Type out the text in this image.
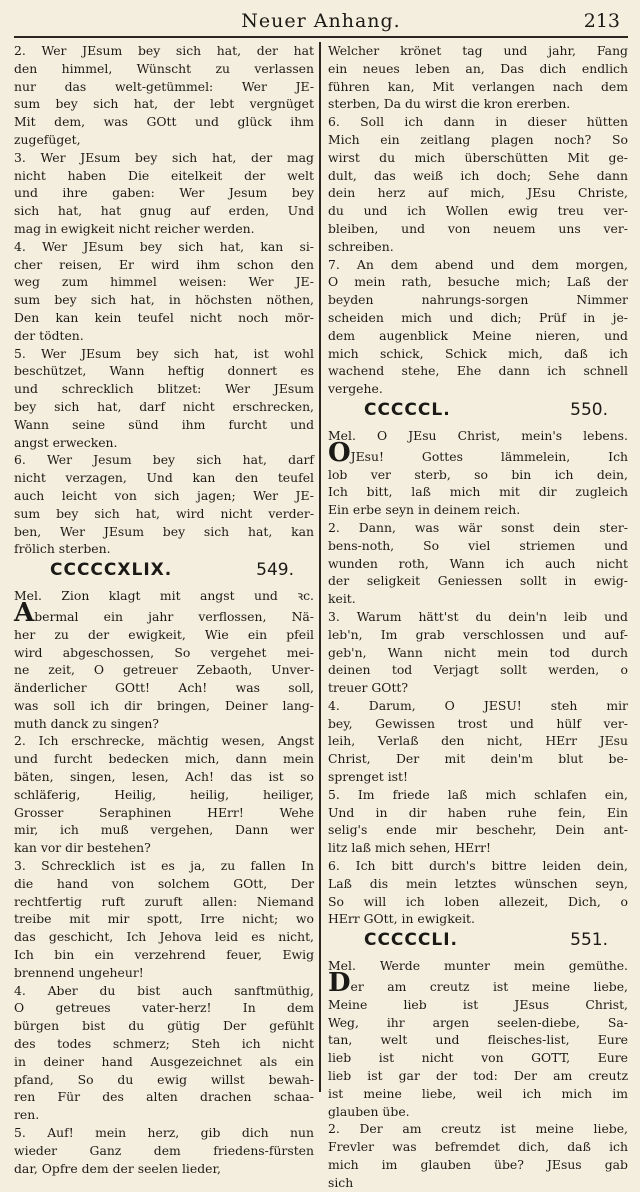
Neuer Anhang.	213
2. Wer JEsum bey sich hat, der hat
den himmel, Wünscht zu verlassen
nur das welt-getümmel: Wer JE-
sum bey sich hat, der lebt vergnüget
Mit dem, was GOtt und glück ihm
zugefüget,
3. Wer JEsum bey sich hat, der mag
nicht haben Die eitelkeit der welt
und ihre gaben: Wer Jesum bey
sich hat, hat gnug auf erden, Und
mag in ewigkeit nicht reicher werden.
4. Wer JEsum bey sich hat, kan si-
cher reisen, Er wird ihm schon den
weg zum himmel weisen: Wer JE-
sum bey sich hat, in höchsten nöthen,
Den kan kein teufel nicht noch mör-
der tödten.
5. Wer JEsum bey sich hat, ist wohl
beschützet, Wann heftig donnert es
und schrecklich blitzet: Wer JEsum
bey sich hat, darf nicht erschrecken,
Wann seine sünd ihm furcht und
angst erwecken.
6. Wer Jesum bey sich hat, darf
nicht verzagen, Und kan den teufel
auch leicht von sich jagen; Wer JE-
sum bey sich hat, wird nicht verder-
ben, Wer JEsum bey sich hat, kan
frölich sterben.
CCCCCXLIX.	549.
Mel. Zion klagt mit angst und ꝛc.
Abermal ein jahr verflossen, Nä-
her zu der ewigkeit, Wie ein pfeil
wird abgeschossen, So vergehet mei-
ne zeit, O getreuer Zebaoth, Unver-
änderlicher GOtt! Ach! was soll,
was soll ich dir bringen, Deiner lang-
muth danck zu singen?
2. Ich erschrecke, mächtig wesen, Angst
und furcht bedecken mich, dann mein
bäten, singen, lesen, Ach! das ist so
schläferig, Heilig, heilig, heiliger,
Grosser Seraphinen HErr! Wehe
mir, ich muß vergehen, Dann wer
kan vor dir bestehen?
3. Schrecklich ist es ja, zu fallen In
die hand von solchem GOtt, Der
rechtfertig ruft zuruft allen: Niemand
treibe mit mir spott, Irre nicht; wo
das geschicht, Ich Jehova leid es nicht,
Ich bin ein verzehrend feuer, Ewig
brennend ungeheur!
4. Aber du bist auch sanftmüthig,
O getreues vater-herz! In dem
bürgen bist du gütig Der gefühlt
des todes schmerz; Steh ich nicht
in deiner hand Ausgezeichnet als ein
pfand, So du ewig willst bewah-
ren Für des alten drachen schaa-
ren.
5. Auf! mein herz, gib dich nun
wieder Ganz dem friedens-fürsten
dar, Opfre dem der seelen lieder,
Welcher krönet tag und jahr, Fang
ein neues leben an, Das dich endlich
führen kan, Mit verlangen nach dem
sterben, Da du wirst die kron ererben.
6. Soll ich dann in dieser hütten
Mich ein zeitlang plagen noch? So
wirst du mich überschütten Mit ge-
dult, das weiß ich doch; Sehe dann
dein herz auf mich, JEsu Christe,
du und ich Wollen ewig treu ver-
bleiben, und von neuem uns ver-
schreiben.
7. An dem abend und dem morgen,
O mein rath, besuche mich; Laß der
beyden nahrungs-sorgen Nimmer
scheiden mich und dich; Prüf in je-
dem augenblick Meine nieren, und
mich schick, Schick mich, daß ich
wachend stehe, Ehe dann ich schnell
vergehe.
CCCCCL.	550.
Mel. O JEsu Christ, mein's lebens.
OJEsu! Gottes lämmelein, Ich
lob ver sterb, so bin ich dein,
Ich bitt, laß mich mit dir zugleich
Ein erbe seyn in deinem reich.
2. Dann, was wär sonst dein ster-
bens-noth, So viel striemen und
wunden roth, Wann ich auch nicht
der seligkeit Geniessen sollt in ewig-
keit.
3. Warum hätt'st du dein'n leib und
leb'n, Im grab verschlossen und auf-
geb'n, Wann nicht mein tod durch
deinen tod Verjagt sollt werden, o
treuer GOtt?
4. Darum, O JESU! steh mir
bey, Gewissen trost und hülf ver-
leih, Verlaß den nicht, HErr JEsu
Christ, Der mit dein'm blut be-
sprenget ist!
5. Im friede laß mich schlafen ein,
Und in dir haben ruhe fein, Ein
selig's ende mir beschehr, Dein ant-
litz laß mich sehen, HErr!
6. Ich bitt durch's bittre leiden dein,
Laß dis mein letztes wünschen seyn,
So will ich loben allezeit, Dich, o
HErr GOtt, in ewigkeit.
CCCCCLI.	551.
Mel. Werde munter mein gemüthe.
Der am creutz ist meine liebe,
Meine lieb ist JEsus Christ,
Weg, ihr argen seelen-diebe, Sa-
tan, welt und fleisches-list, Eure
lieb ist nicht von GOTT, Eure
lieb ist gar der tod: Der am creutz
ist meine liebe, weil ich mich im
glauben übe.
2. Der am creutz ist meine liebe,
Frevler was befremdet dich, daß ich
mich im glauben übe? JEsus gab
sich
